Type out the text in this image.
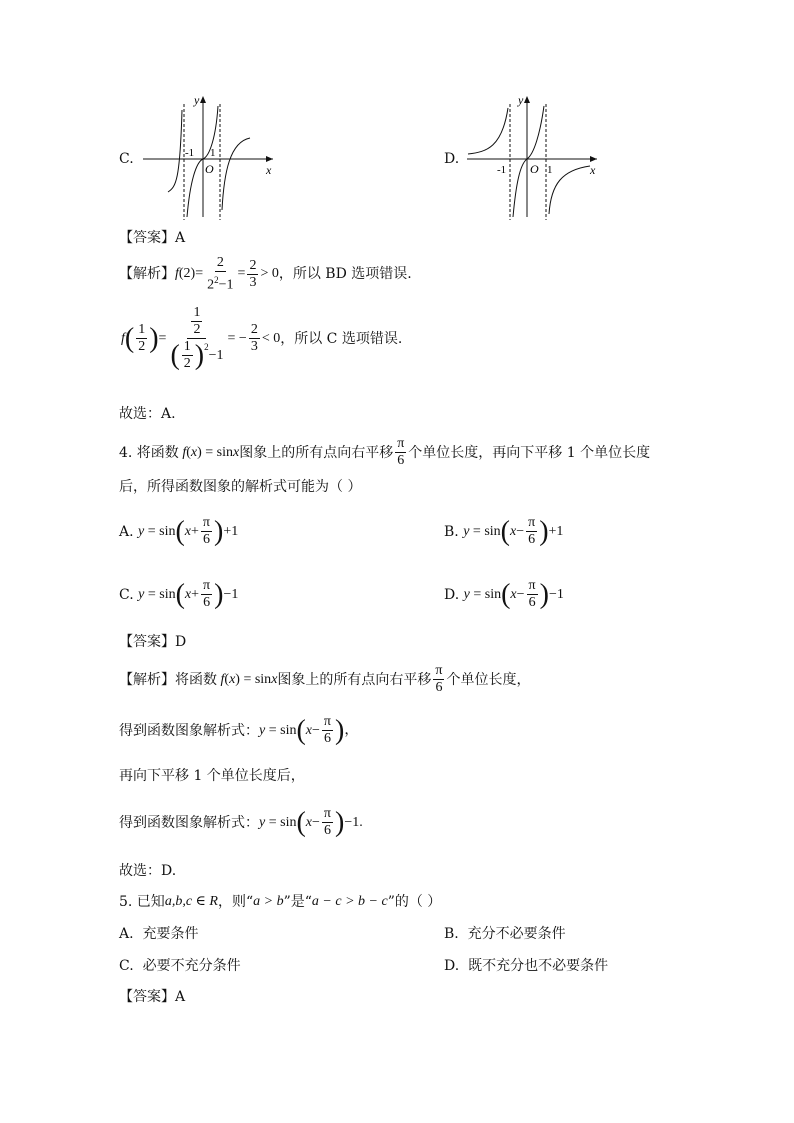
C.
y
x
O
-1 1	D.
y
x
O
-1	1
【答案】A
【解析】 f $(2)= \frac{2}{2^2-1} = \frac{2}{3} > 0$ ，所以 BD 选项错误.
f ( $\frac{1}{2}$ ) = $\frac{1}{2}$
( $\frac{1}{2} )^2$
−1 = − $\frac{2}{3} < 0$ ，所以 C 选项错误.
故选：A.
4. 将函数 f ( x ) = sin x 图象上的所有点向右平移 $\frac{\pi}{6}$ 个单位长度，再向下平移 1 个单位长度
后，所得函数图象的解析式可能为（ ）
A.
y = sin ( $x + \frac{\pi}{6}$ ) +1	B.
y = sin ( $x - \frac{\pi}{6}$ ) +1
C.
y = sin ( $x + \frac{\pi}{6}$ ) −1	D.
y = sin ( $x - \frac{\pi}{6}$ ) −1
【答案】D
【解析】 将函数 f ( x ) = sin x 图象上的所有点向右平移 $\frac{\pi}{6}$ 个单位长度，
得到函数图象解析式： y = sin ( $x - \frac{\pi}{6}$ ) ，
再向下平移 1 个单位长度后，
得到函数图象解析式： y = sin ( $x - \frac{\pi}{6}$ ) −1.
故选：D.
5. 已知 a,b,c ∈ R ，则“ a > b ”是“ a − c > b − c ”的（ ）
A. 充要条件	B. 充分不必要条件
C. 必要不充分条件	D. 既不充分也不必要条件
【答案】A
